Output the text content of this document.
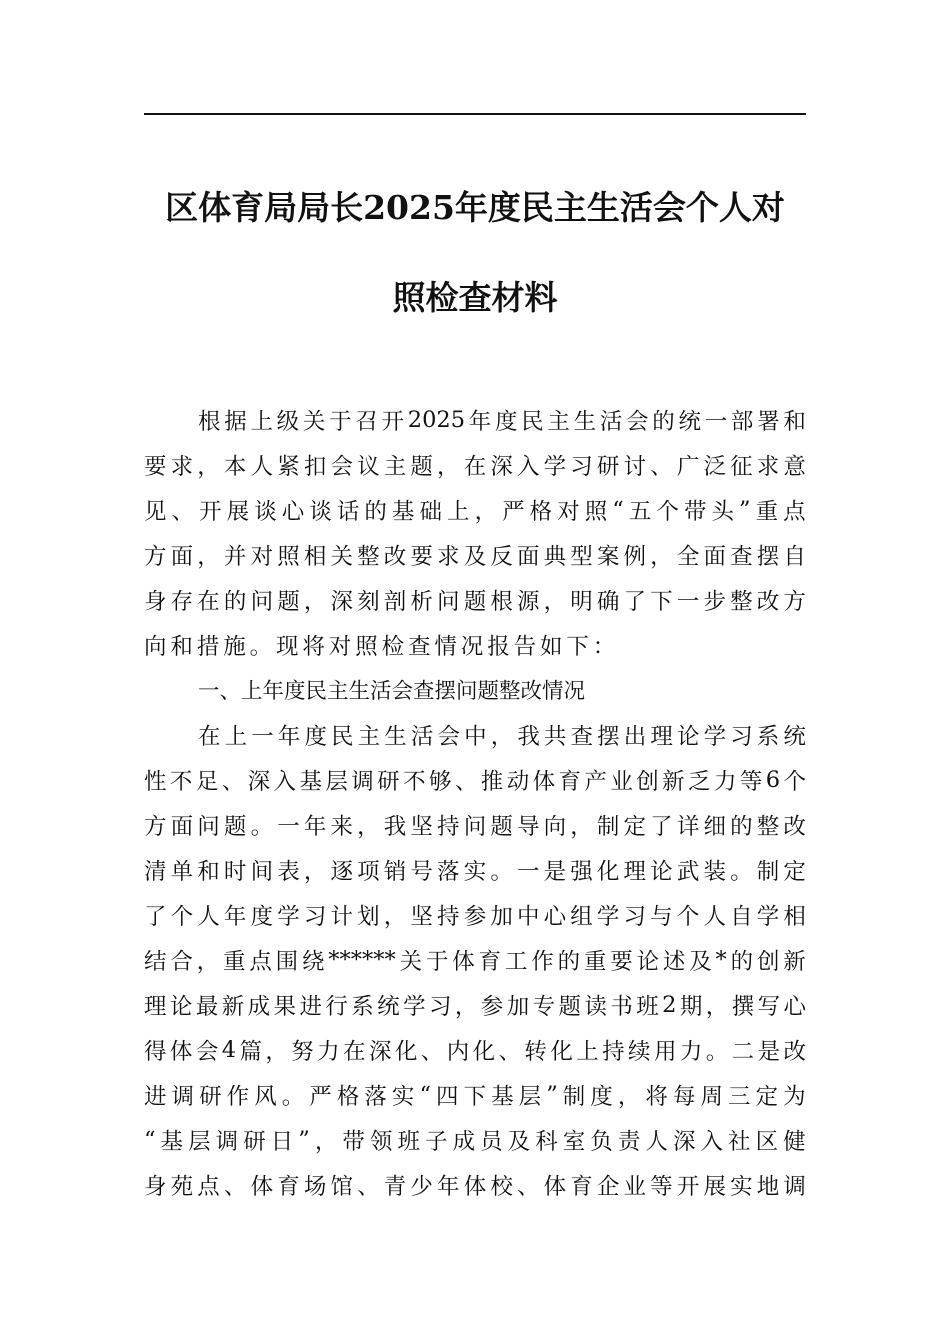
区体育局局长2025年度民主生活会个人对
照检查材料
根 据 上 级 关 于 召 开 2025 年 度 民 主 生 活 会 的 统 一 部 署 和
要 求 ， 本 人 紧 扣 会 议 主 题 ， 在 深 入 学 习 研 讨 、 广 泛 征 求 意
见 、 开 展 谈 心 谈 话 的 基 础 上 ， 严 格 对 照 “ 五 个 带 头 ” 重 点
方 面 ， 并 对 照 相 关 整 改 要 求 及 反 面 典 型 案 例 ， 全 面 查 摆 自
身 存 在 的 问 题 ， 深 刻 剖 析 问 题 根 源 ， 明 确 了 下 一 步 整 改 方
向和措施。现将对照检查情况报告如下：
一、上年度民主生活会查摆问题整改情况
在 上 一 年 度 民 主 生 活 会 中 ， 我 共 查 摆 出 理 论 学 习 系 统
性 不 足 、 深 入 基 层 调 研 不 够 、 推 动 体 育 产 业 创 新 乏 力 等 6 个
方 面 问 题 。 一 年 来 ， 我 坚 持 问 题 导 向 ， 制 定 了 详 细 的 整 改
清 单 和 时 间 表 ， 逐 项 销 号 落 实 。 一 是 强 化 理 论 武 装 。 制 定
了 个 人 年 度 学 习 计 划 ， 坚 持 参 加 中 心 组 学 习 与 个 人 自 学 相
结 合 ， 重 点 围 绕 ****** 关 于 体 育 工 作 的 重 要 论 述 及 * 的 创 新
理 论 最 新 成 果 进 行 系 统 学 习 ， 参 加 专 题 读 书 班 2 期 ， 撰 写 心
得 体 会 4 篇 ， 努 力 在 深 化 、 内 化 、 转 化 上 持 续 用 力 。 二 是 改
进 调 研 作 风 。 严 格 落 实 “ 四 下 基 层 ” 制 度 ， 将 每 周 三 定 为
“ 基 层 调 研 日 ” ， 带 领 班 子 成 员 及 科 室 负 责 人 深 入 社 区 健
身 苑 点 、 体 育 场 馆 、 青 少 年 体 校 、 体 育 企 业 等 开 展 实 地 调
